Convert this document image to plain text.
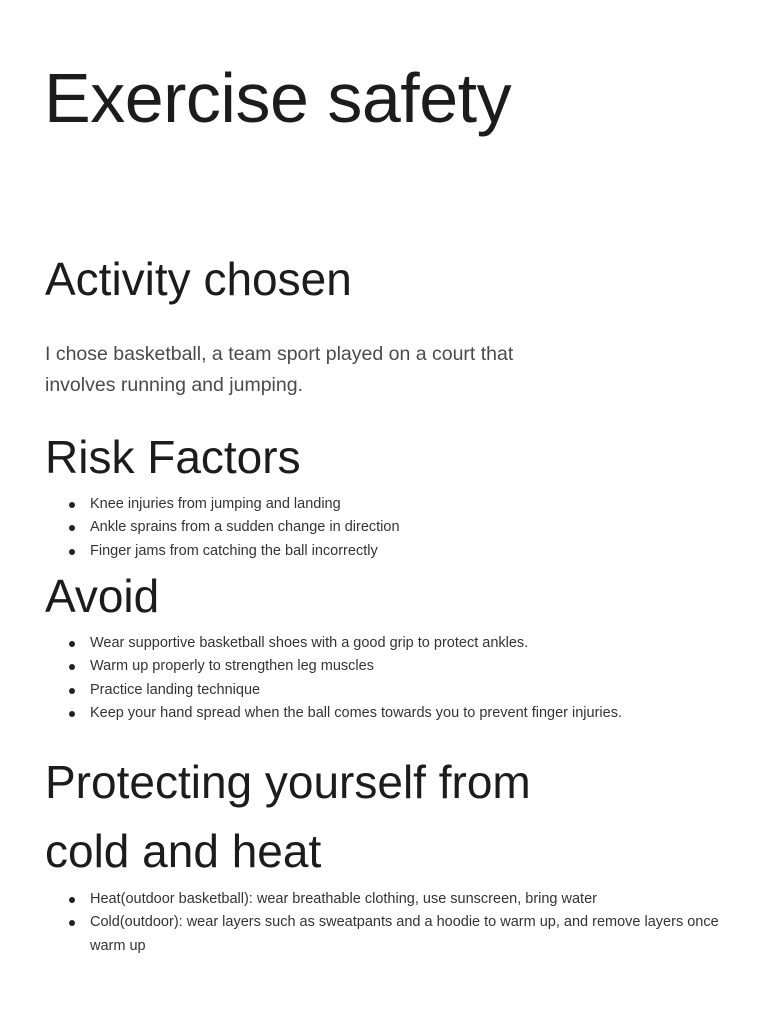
Exercise safety
Activity chosen

I chose basketball, a team sport played on a court that involves running and jumping.

Risk Factors
Knee injuries from jumping and landing
Ankle sprains from a sudden change in direction
Finger jams from catching the ball incorrectly
Avoid
Wear supportive basketball shoes with a good grip to protect ankles.
Warm up properly to strengthen leg muscles
Practice landing technique
Keep your hand spread when the ball comes towards you to prevent finger injuries.
Protecting yourself from
cold and heat
Heat(outdoor basketball): wear breathable clothing, use sunscreen, bring water
Cold(outdoor): wear layers such as sweatpants and a hoodie to warm up, and remove layers once warm up
